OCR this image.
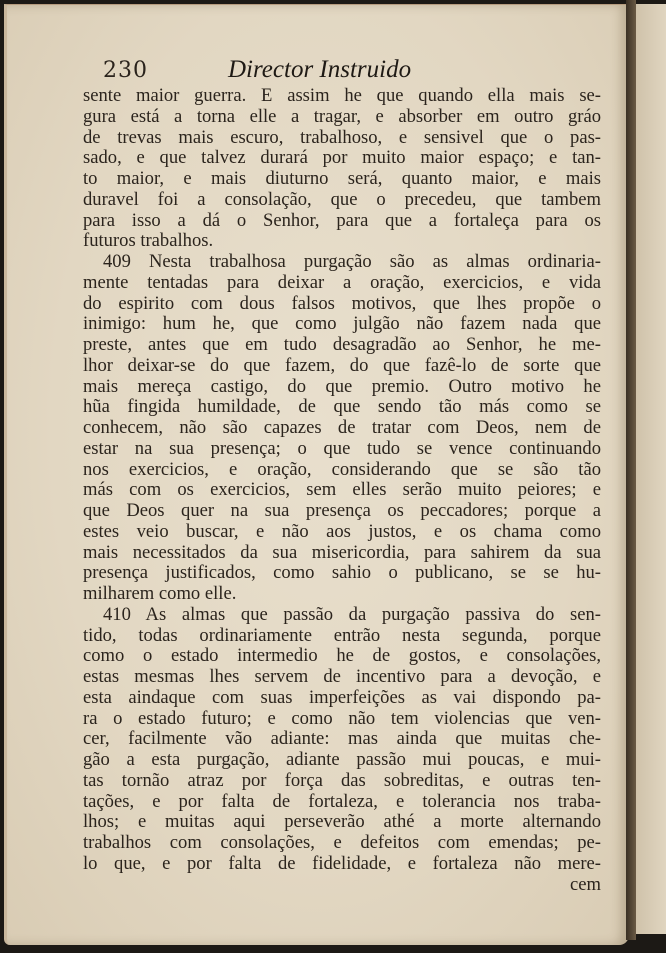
230	Director Instruido
sente maior guerra. E assim he que quando ella mais se-
gura está a torna elle a tragar, e absorber em outro gráo
de trevas mais escuro, trabalhoso, e sensivel que o pas-
sado, e que talvez durará por muito maior espaço; e tan-
to maior, e mais diuturno será, quanto maior, e mais
duravel foi a consolação, que o precedeu, que tambem
para isso a dá o Senhor, para que a fortaleça para os
futuros trabalhos.
409 Nesta trabalhosa purgação são as almas ordinaria-
mente tentadas para deixar a oração, exercicios, e vida
do espirito com dous falsos motivos, que lhes propõe o
inimigo: hum he, que como julgão não fazem nada que
preste, antes que em tudo desagradão ao Senhor, he me-
lhor deixar-se do que fazem, do que fazê-lo de sorte que
mais mereça castigo, do que premio. Outro motivo he
hũa fingida humildade, de que sendo tão más como se
conhecem, não são capazes de tratar com Deos, nem de
estar na sua presença; o que tudo se vence continuando
nos exercicios, e oração, considerando que se são tão
más com os exercicios, sem elles serão muito peiores; e
que Deos quer na sua presença os peccadores; porque a
estes veio buscar, e não aos justos, e os chama como
mais necessitados da sua misericordia, para sahirem da sua
presença justificados, como sahio o publicano, se se hu-
milharem como elle.
410 As almas que passão da purgação passiva do sen-
tido, todas ordinariamente entrão nesta segunda, porque
como o estado intermedio he de gostos, e consolações,
estas mesmas lhes servem de incentivo para a devoção, e
esta aindaque com suas imperfeições as vai dispondo pa-
ra o estado futuro; e como não tem violencias que ven-
cer, facilmente vão adiante: mas ainda que muitas che-
gão a esta purgação, adiante passão mui poucas, e mui-
tas tornão atraz por força das sobreditas, e outras ten-
tações, e por falta de fortaleza, e tolerancia nos traba-
lhos; e muitas aqui perseverão athé a morte alternando
trabalhos com consolações, e defeitos com emendas; pe-
lo que, e por falta de fidelidade, e fortaleza não mere-
cem
